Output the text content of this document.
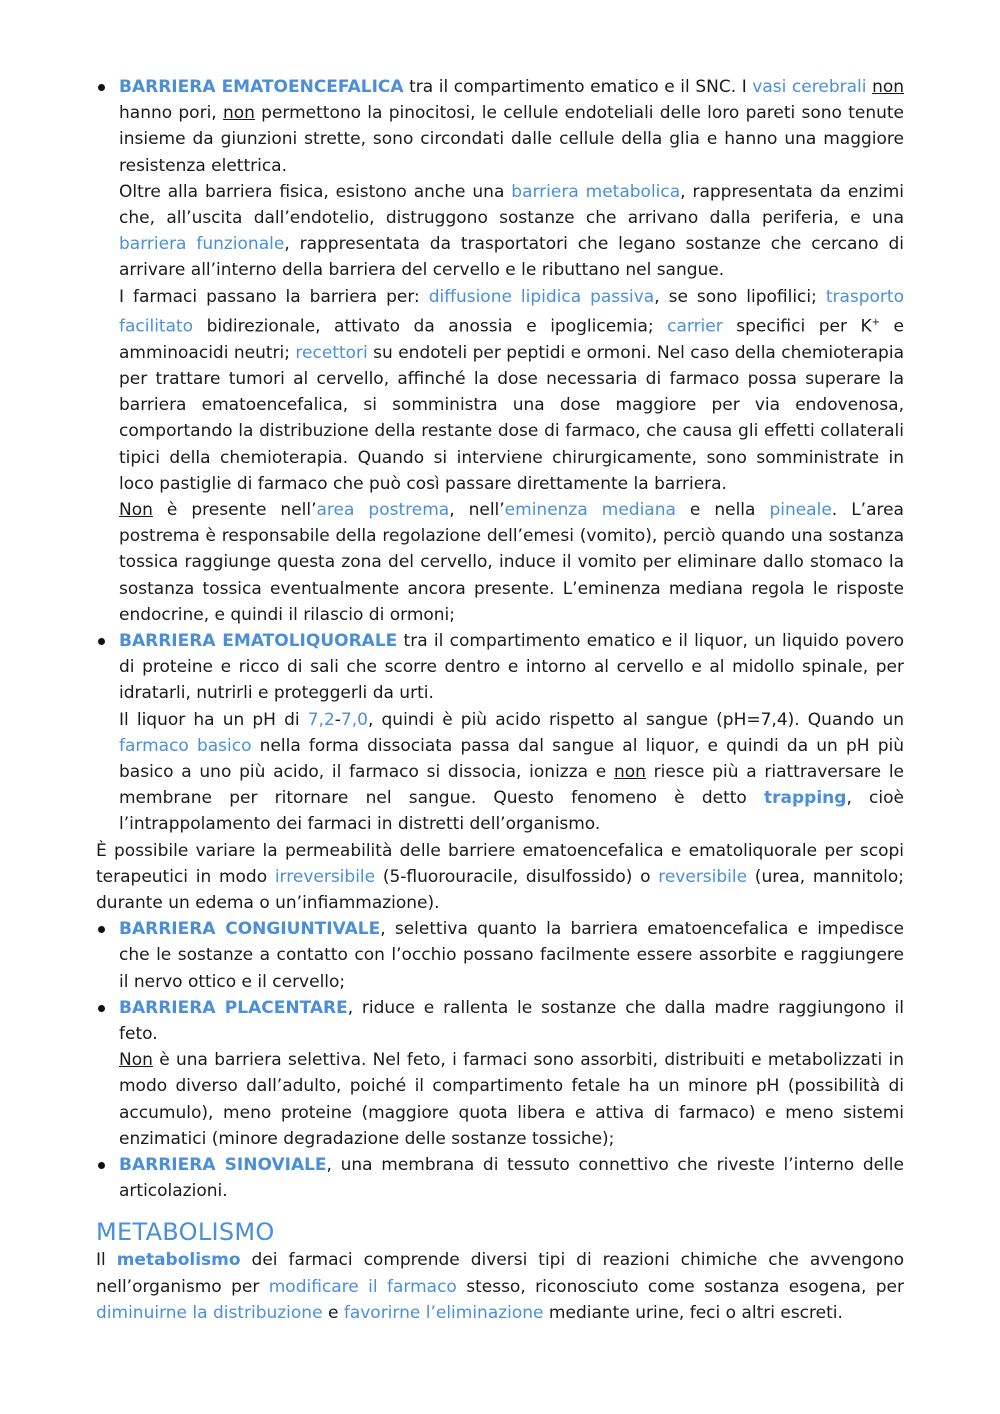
BARRIERA EMATOENCEFALICA tra il compartimento ematico e il SNC. I vasi cerebrali non hanno pori, non permettono la pinocitosi, le cellule endoteliali delle loro pareti sono tenute insieme da giunzioni strette, sono circondati dalle cellule della glia e hanno una maggiore resistenza elettrica.

Oltre alla barriera fisica, esistono anche una barriera metabolica, rappresentata da enzimi che, all’uscita dall’endotelio, distruggono sostanze che arrivano dalla periferia, e una barriera funzionale, rappresentata da trasportatori che legano sostanze che cercano di arrivare all’interno della barriera del cervello e le ributtano nel sangue.

I farmaci passano la barriera per: diffusione lipidica passiva, se sono lipofilici; trasporto facilitato bidirezionale, attivato da anossia e ipoglicemia; carrier specifici per K+ e amminoacidi neutri; recettori su endoteli per peptidi e ormoni. Nel caso della chemioterapia per trattare tumori al cervello, affinché la dose necessaria di farmaco possa superare la barriera ematoencefalica, si somministra una dose maggiore per via endovenosa, comportando la distribuzione della restante dose di farmaco, che causa gli effetti collaterali tipici della chemioterapia. Quando si interviene chirurgicamente, sono somministrate in loco pastiglie di farmaco che può così passare direttamente la barriera.

Non è presente nell’area postrema, nell’eminenza mediana e nella pineale. L’area postrema è responsabile della regolazione dell’emesi (vomito), perciò quando una sostanza tossica raggiunge questa zona del cervello, induce il vomito per eliminare dallo stomaco la sostanza tossica eventualmente ancora presente. L’eminenza mediana regola le risposte endocrine, e quindi il rilascio di ormoni;

BARRIERA EMATOLIQUORALE tra il compartimento ematico e il liquor, un liquido povero di proteine e ricco di sali che scorre dentro e intorno al cervello e al midollo spinale, per idratarli, nutrirli e proteggerli da urti.

Il liquor ha un pH di 7,2-7,0, quindi è più acido rispetto al sangue (pH=7,4). Quando un farmaco basico nella forma dissociata passa dal sangue al liquor, e quindi da un pH più basico a uno più acido, il farmaco si dissocia, ionizza e non riesce più a riattraversare le membrane per ritornare nel sangue. Questo fenomeno è detto trapping, cioè l’intrappolamento dei farmaci in distretti dell’organismo.

È possibile variare la permeabilità delle barriere ematoencefalica e ematoliquorale per scopi terapeutici in modo irreversibile (5-fluorouracile, disulfossido) o reversibile (urea, mannitolo; durante un edema o un’infiammazione).

BARRIERA CONGIUNTIVALE, selettiva quanto la barriera ematoencefalica e impedisce che le sostanze a contatto con l’occhio possano facilmente essere assorbite e raggiungere il nervo ottico e il cervello;

BARRIERA PLACENTARE, riduce e rallenta le sostanze che dalla madre raggiungono il feto.

Non è una barriera selettiva. Nel feto, i farmaci sono assorbiti, distribuiti e metabolizzati in modo diverso dall’adulto, poiché il compartimento fetale ha un minore pH (possibilità di accumulo), meno proteine (maggiore quota libera e attiva di farmaco) e meno sistemi enzimatici (minore degradazione delle sostanze tossiche);

BARRIERA SINOVIALE, una membrana di tessuto connettivo che riveste l’interno delle articolazioni.

METABOLISMO

Il metabolismo dei farmaci comprende diversi tipi di reazioni chimiche che avvengono nell’organismo per modificare il farmaco stesso, riconosciuto come sostanza esogena, per diminuirne la distribuzione e favorirne l’eliminazione mediante urine, feci o altri escreti.
